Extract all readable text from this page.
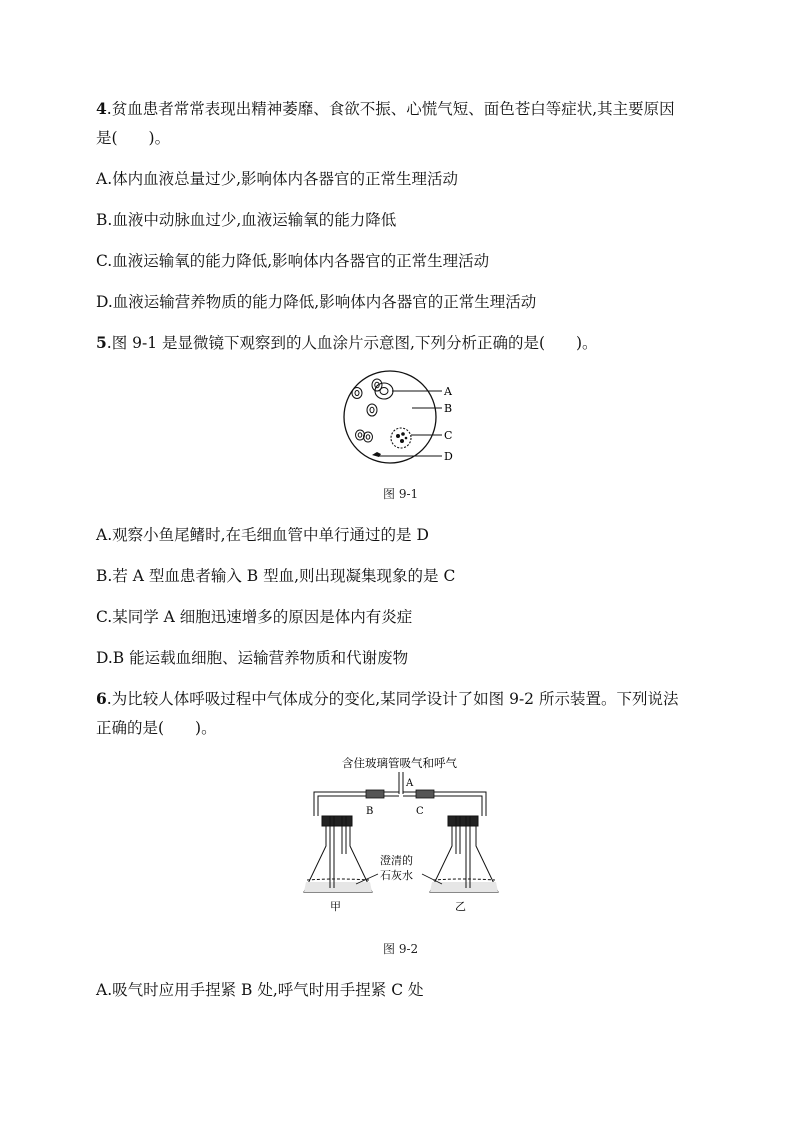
4.贫血患者常常表现出精神萎靡、食欲不振、心慌气短、面色苍白等症状,其主要原因
是(　　)。
A.体内血液总量过少,影响体内各器官的正常生理活动
B.血液中动脉血过少,血液运输氧的能力降低
C.血液运输氧的能力降低,影响体内各器官的正常生理活动
D.血液运输营养物质的能力降低,影响体内各器官的正常生理活动
5.图 9-1 是显微镜下观察到的人血涂片示意图,下列分析正确的是(　　)。
A
B
C
D
图 9-1
A.观察小鱼尾鳍时,在毛细血管中单行通过的是 D
B.若 A 型血患者输入 B 型血,则出现凝集现象的是 C
C.某同学 A 细胞迅速增多的原因是体内有炎症
D.B 能运载血细胞、运输营养物质和代谢废物
6.为比较人体呼吸过程中气体成分的变化,某同学设计了如图 9-2 所示装置。下列说法
正确的是(　　)。
含住玻璃管吸气和呼气
A
B	C
甲	乙
澄清的
石灰水
图 9-2
A.吸气时应用手捏紧 B 处,呼气时用手捏紧 C 处
